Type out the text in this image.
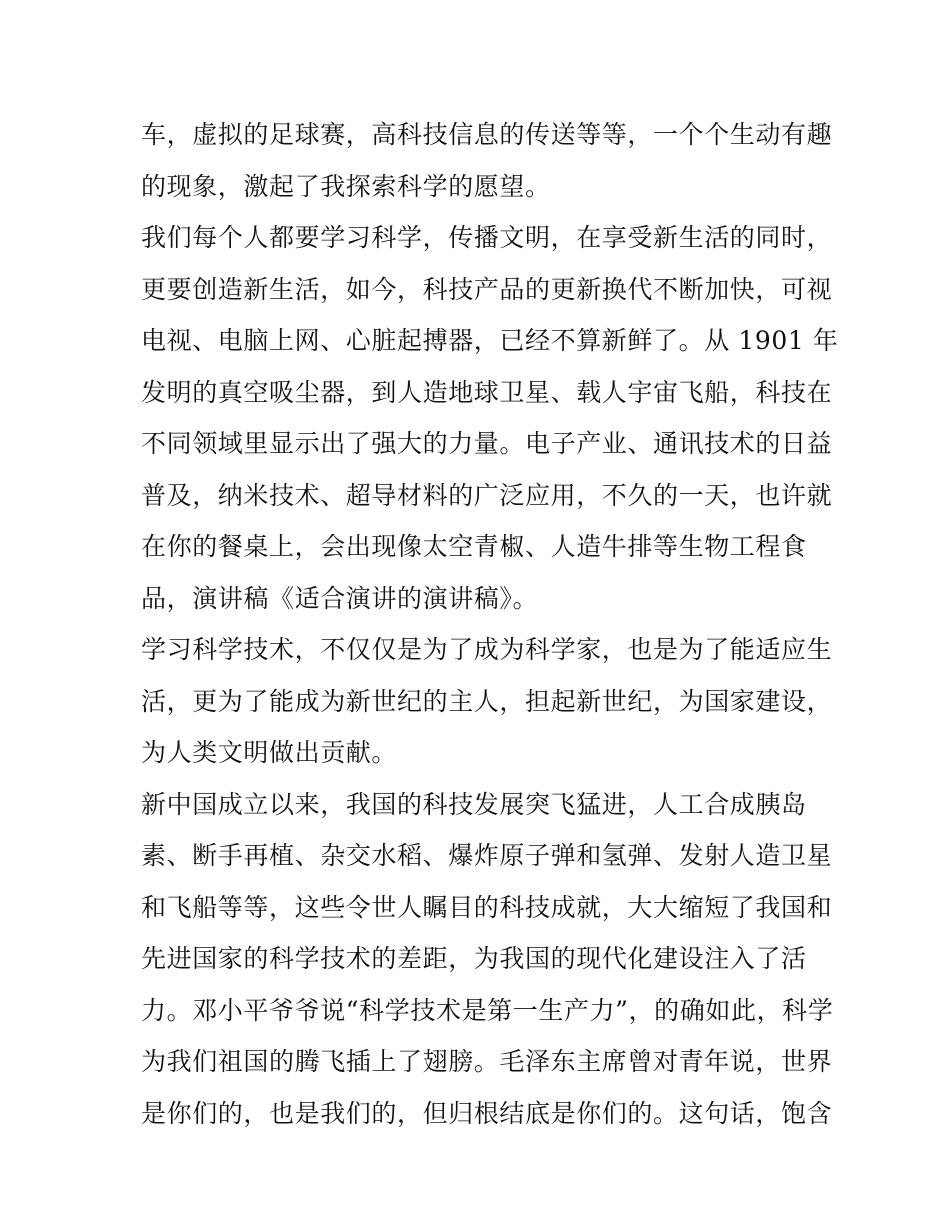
车，虚拟的足球赛，高科技信息的传送等等，一个个生动有趣
的现象，激起了我探索科学的愿望。
我们每个人都要学习科学，传播文明，在享受新生活的同时，
更要创造新生活，如今，科技产品的更新换代不断加快，可视
电视、电脑上网、心脏起搏器，已经不算新鲜了。从 1901 年
发明的真空吸尘器，到人造地球卫星、载人宇宙飞船，科技在
不同领域里显示出了强大的力量。电子产业、通讯技术的日益
普及，纳米技术、超导材料的广泛应用，不久的一天，也许就
在你的餐桌上，会出现像太空青椒、人造牛排等生物工程食
品，演讲稿《适合演讲的演讲稿》。
学习科学技术，不仅仅是为了成为科学家，也是为了能适应生
活，更为了能成为新世纪的主人，担起新世纪，为国家建设，
为人类文明做出贡献。
新中国成立以来，我国的科技发展突飞猛进，人工合成胰岛
素、断手再植、杂交水稻、爆炸原子弹和氢弹、发射人造卫星
和飞船等等，这些令世人瞩目的科技成就，大大缩短了我国和
先进国家的科学技术的差距，为我国的现代化建设注入了活
力。邓小平爷爷说“科学技术是第一生产力”，的确如此，科学
为我们祖国的腾飞插上了翅膀。毛泽东主席曾对青年说，世界
是你们的，也是我们的，但归根结底是你们的。这句话，饱含
